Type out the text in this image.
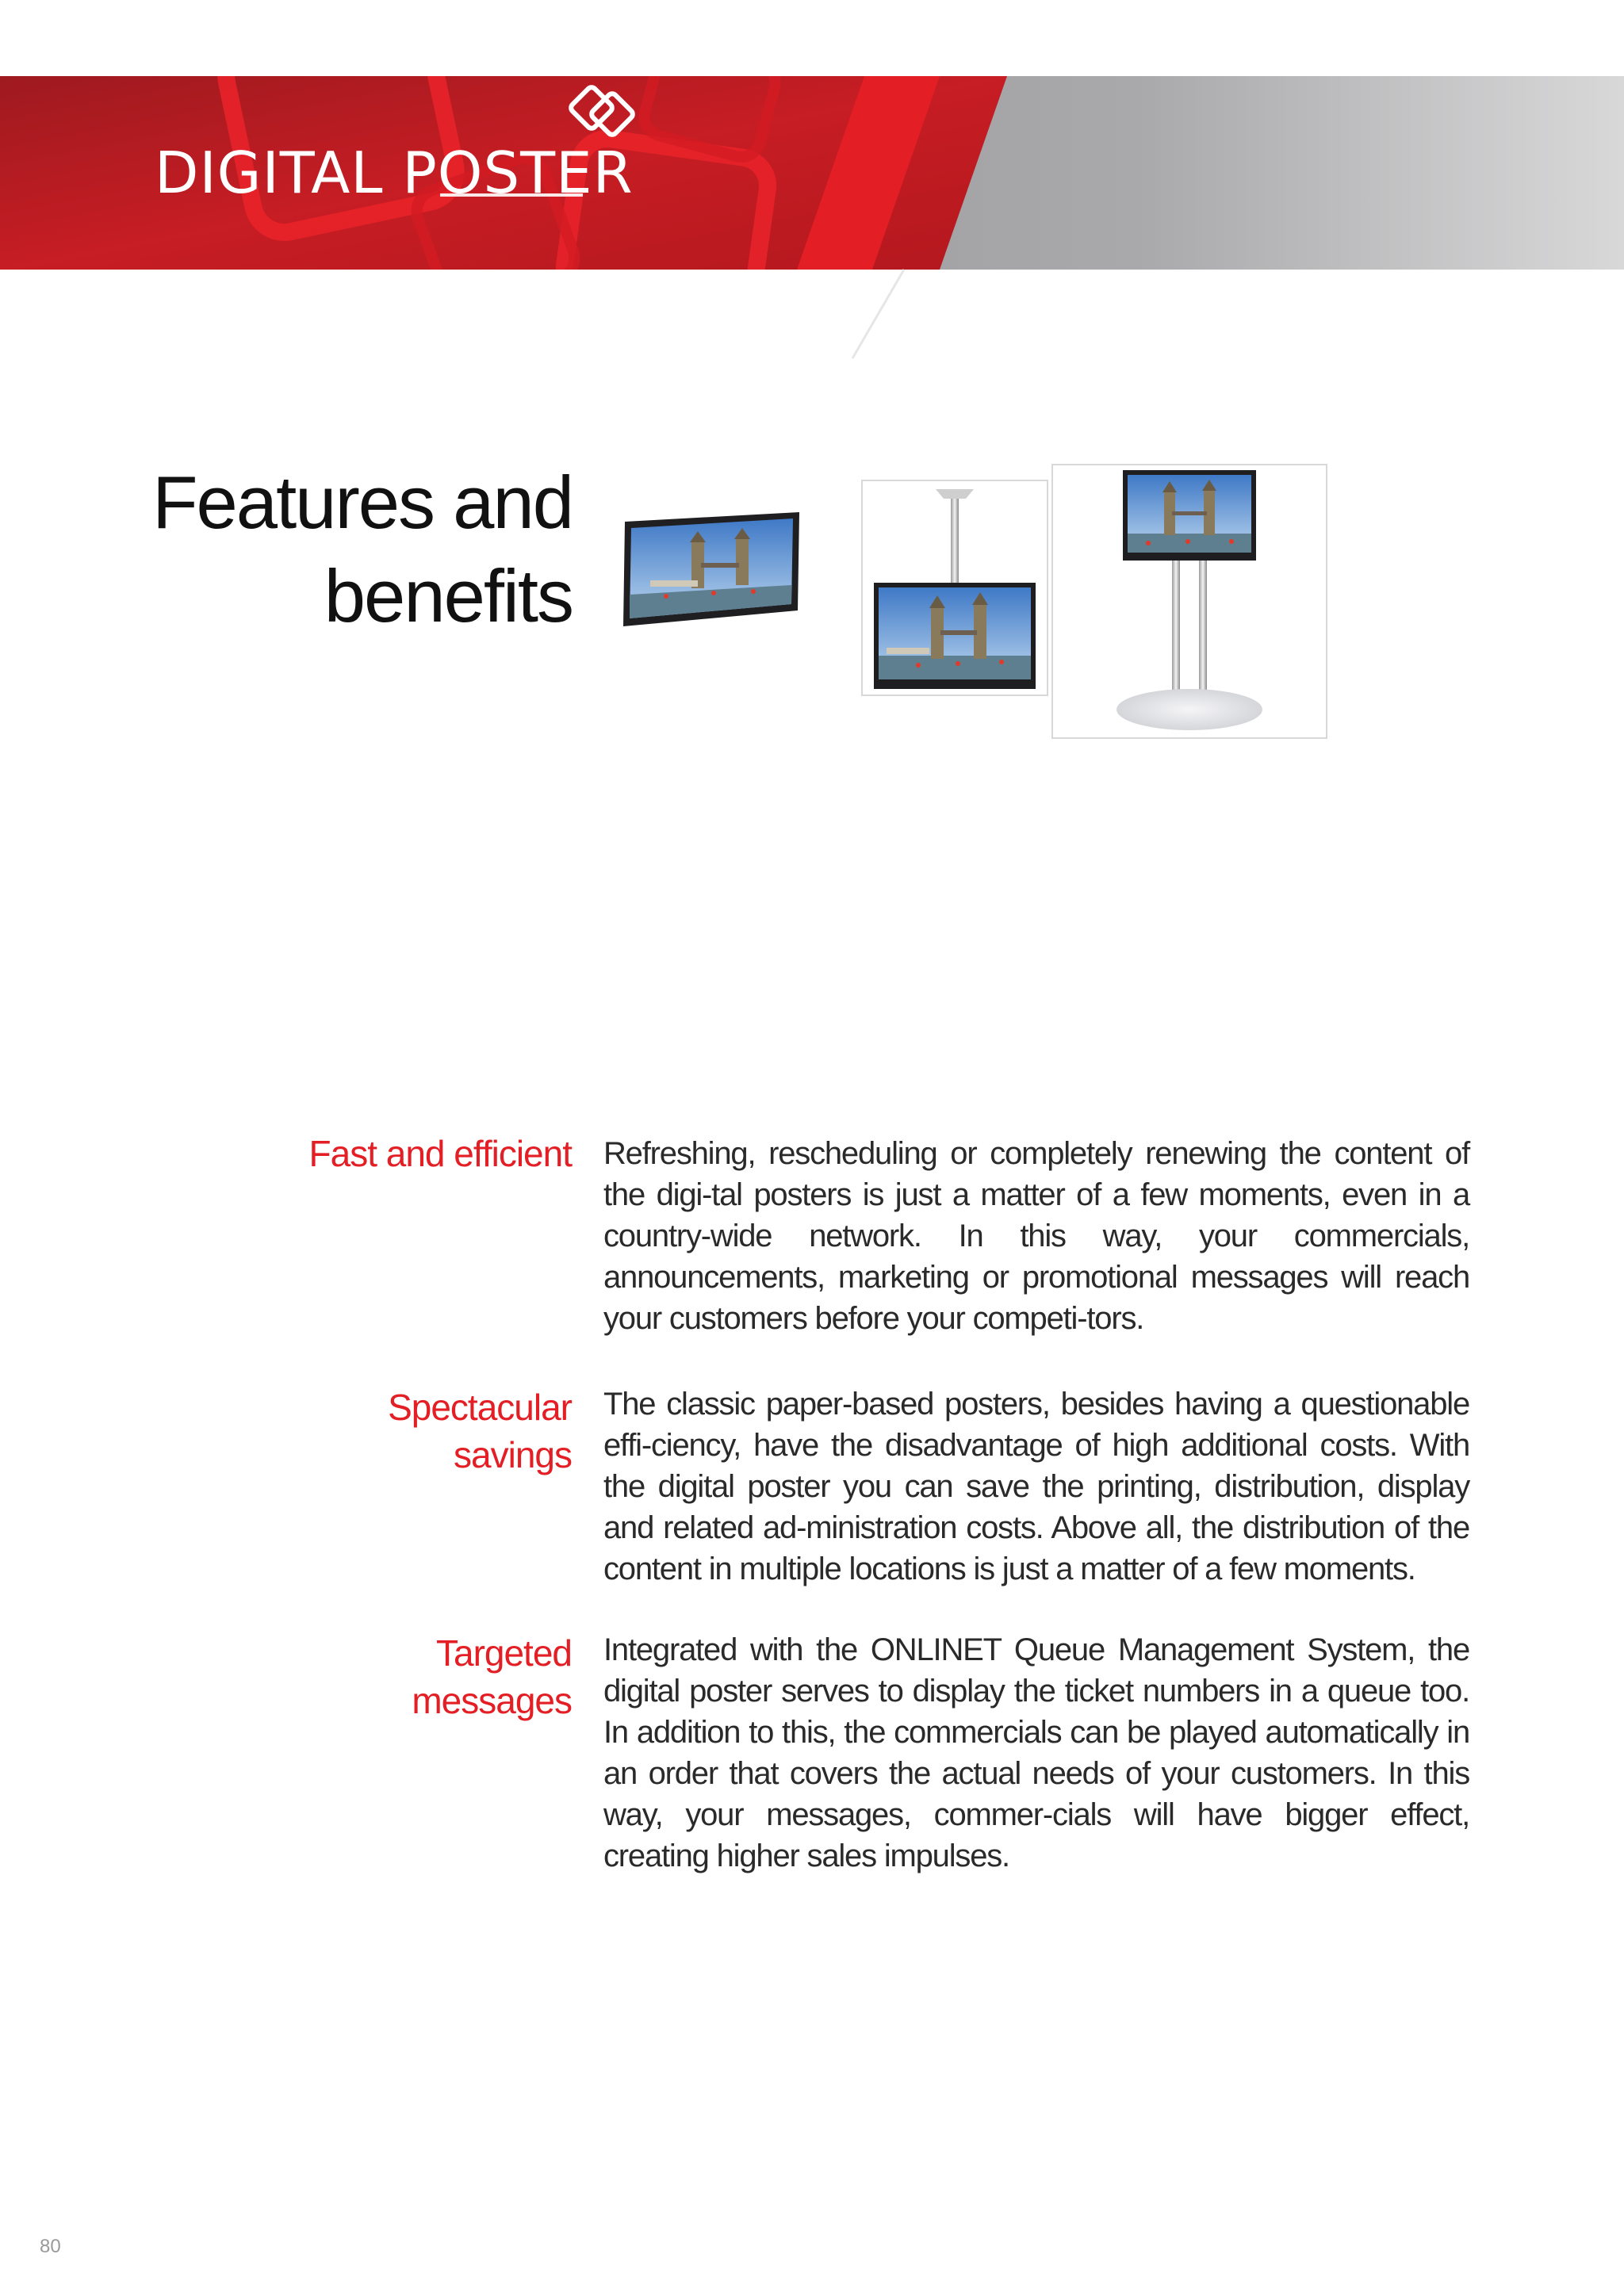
DIGITAL POSTER
Features and
benefits
Fast and efficient Refreshing, rescheduling or completely renewing the content of the digi-tal posters is just a matter of a few moments, even in a country-wide network. In this way, your commercials, announcements, marketing or promotional messages will reach your customers before your competi-tors.
Spectacular
savings
The classic paper-based posters, besides having a questionable effi-ciency, have the disadvantage of high additional costs. With the digital poster you can save the printing, distribution, display and related ad-ministration costs. Above all, the distribution of the content in multiple locations is just a matter of a few moments.
Targeted
messages
Integrated with the ONLINET Queue Management System, the digital poster serves to display the ticket numbers in a queue too. In addition to this, the commercials can be played automatically in an order that covers the actual needs of your customers. In this way, your messages, commer-cials will have bigger effect, creating higher sales impulses.
80
